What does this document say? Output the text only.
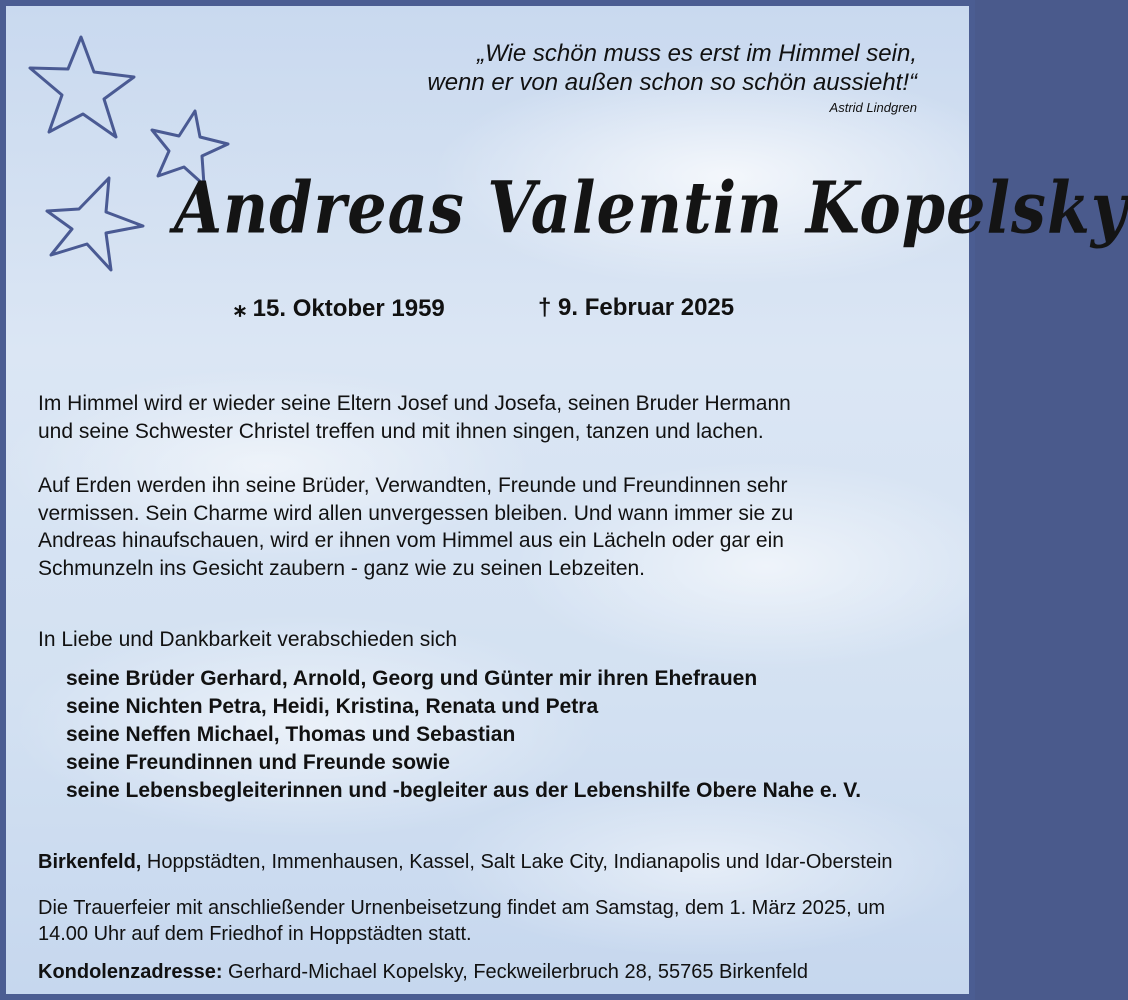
„Wie schön muss es erst im Himmel sein,
wenn er von außen schon so schön aussieht!“
Astrid Lindgren
Andreas Valentin Kopelsky
⁎ 15. Oktober 1959	† 9. Februar 2025
Im Himmel wird er wieder seine Eltern Josef und Josefa, seinen Bruder Hermann
und seine Schwester Christel treffen und mit ihnen singen, tanzen und lachen.
Auf Erden werden ihn seine Brüder, Verwandten, Freunde und Freundinnen sehr
vermissen. Sein Charme wird allen unvergessen bleiben. Und wann immer sie zu
Andreas hinaufschauen, wird er ihnen vom Himmel aus ein Lächeln oder gar ein
Schmunzeln ins Gesicht zaubern - ganz wie zu seinen Lebzeiten.
In Liebe und Dankbarkeit verabschieden sich
seine Brüder Gerhard, Arnold, Georg und Günter mir ihren Ehefrauen
seine Nichten Petra, Heidi, Kristina, Renata und Petra
seine Neffen Michael, Thomas und Sebastian
seine Freundinnen und Freunde sowie
seine Lebensbegleiterinnen und -begleiter aus der Lebenshilfe Obere Nahe e. V.
Birkenfeld, Hoppstädten, Immenhausen, Kassel, Salt Lake City, Indianapolis und Idar-Oberstein
Die Trauerfeier mit anschließender Urnenbeisetzung findet am Samstag, dem 1. März 2025, um
14.00 Uhr auf dem Friedhof in Hoppstädten statt.
Kondolenzadresse: Gerhard-Michael Kopelsky, Feckweilerbruch 28, 55765 Birkenfeld
